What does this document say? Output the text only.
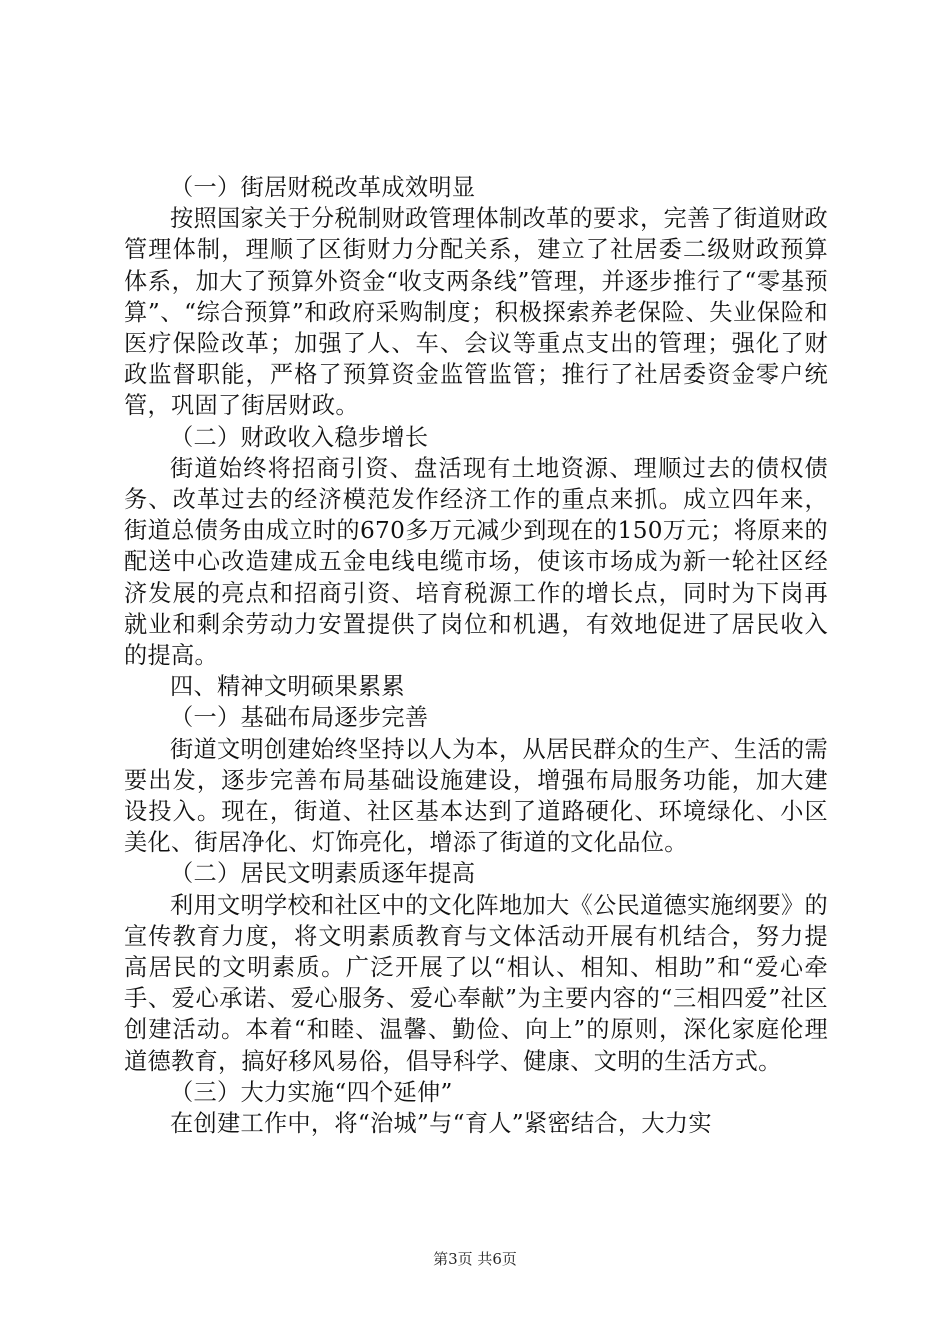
（一）街居财税改革成效明显

按照国家关于分税制财政管理体制改革的要求，完善了街道财政管理体制，理顺了区街财力分配关系，建立了社居委二级财政预算体系，加大了预算外资金“收支两条线”管理，并逐步推行了“零基预算”、“综合预算”和政府采购制度；积极探索养老保险、失业保险和医疗保险改革；加强了人、车、会议等重点支出的管理；强化了财政监督职能，严格了预算资金监管监管；推行了社居委资金零户统管，巩固了街居财政。

（二）财政收入稳步增长

街道始终将招商引资、盘活现有土地资源、理顺过去的债权债务、改革过去的经济模范发作经济工作的重点来抓。成立四年来，街道总债务由成立时的670多万元减少到现在的150万元；将原来的配送中心改造建成五金电线电缆市场，使该市场成为新一轮社区经济发展的亮点和招商引资、培育税源工作的增长点，同时为下岗再就业和剩余劳动力安置提供了岗位和机遇，有效地促进了居民收入的提高。

四、精神文明硕果累累

（一）基础布局逐步完善

街道文明创建始终坚持以人为本，从居民群众的生产、生活的需要出发，逐步完善布局基础设施建设，增强布局服务功能，加大建设投入。现在，街道、社区基本达到了道路硬化、环境绿化、小区美化、街居净化、灯饰亮化，增添了街道的文化品位。

（二）居民文明素质逐年提高

利用文明学校和社区中的文化阵地加大《公民道德实施纲要》的宣传教育力度，将文明素质教育与文体活动开展有机结合，努力提高居民的文明素质。广泛开展了以“相认、相知、相助”和“爱心牵手、爱心承诺、爱心服务、爱心奉献”为主要内容的“三相四爱”社区创建活动。本着“和睦、温馨、勤俭、向上”的原则，深化家庭伦理道德教育，搞好移风易俗，倡导科学、健康、文明的生活方式。

（三）大力实施“四个延伸”

在创建工作中，将“治城”与“育人”紧密结合，大力实

第3页 共6页
